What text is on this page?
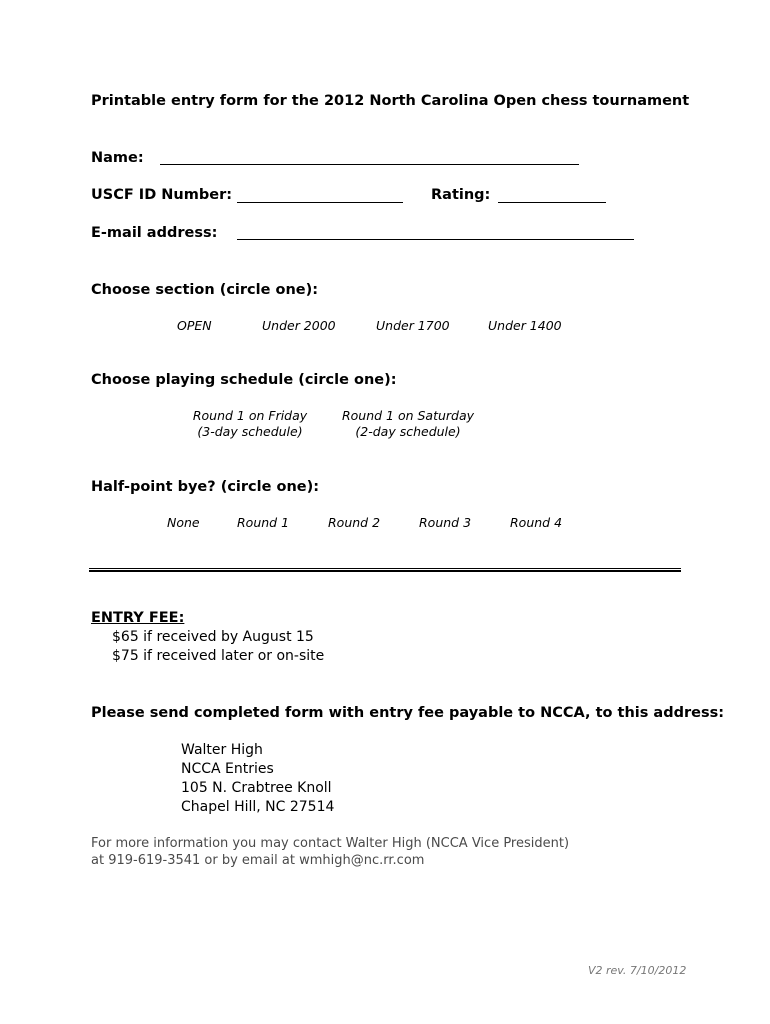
Printable entry form for the 2012 North Carolina Open chess tournament
Name:
USCF ID Number:	Rating:
E-mail address:
Choose section (circle one):
OPEN	Under 2000	Under 1700	Under 1400
Choose playing schedule (circle one):
Round 1 on Friday
(3-day schedule)
Round 1 on Saturday
(2-day schedule)
Half-point bye? (circle one):
None	Round 1	Round 2	Round 3	Round 4
ENTRY FEE:
$65 if received by August 15
$75 if received later or on-site
Please send completed form with entry fee payable to NCCA, to this address:
Walter High
NCCA Entries
105 N. Crabtree Knoll
Chapel Hill, NC 27514
For more information you may contact Walter High (NCCA Vice President)
at 919-619-3541 or by email at wmhigh@nc.rr.com
V2 rev. 7/10/2012
